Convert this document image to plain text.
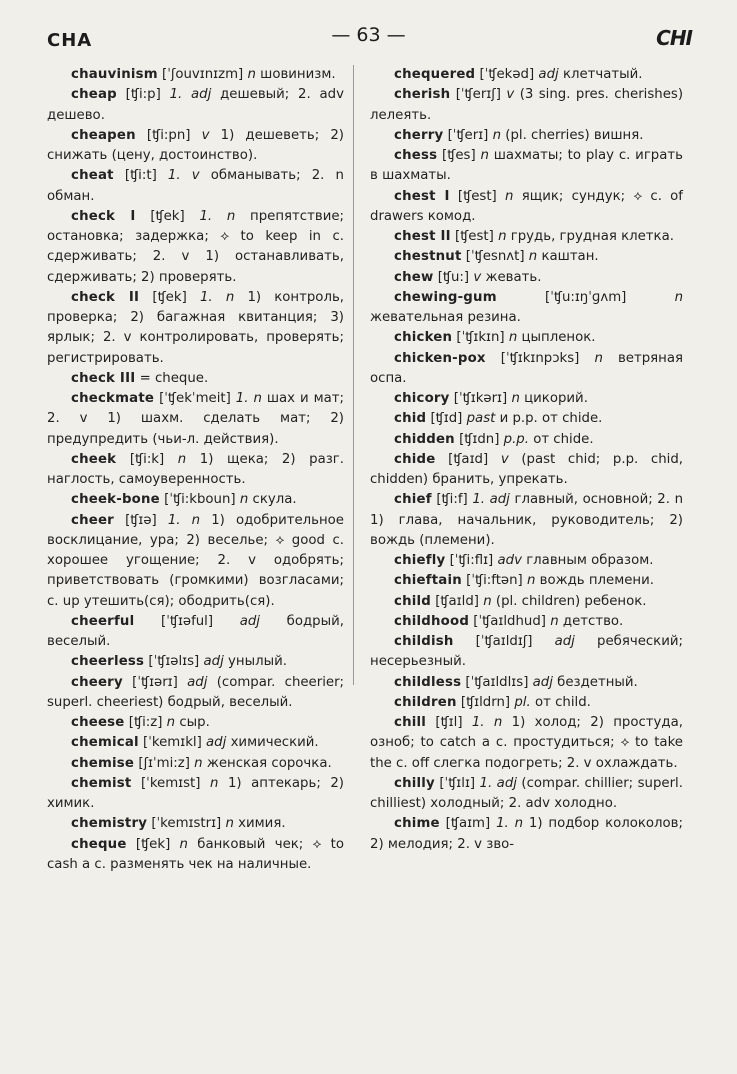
CHA	— 63 —	CHI

chauvinism [ ˈʃouvɪnɪzm ] n шовинизм.

cheap [ ʧi:p ] 1. adj дешевый; 2. adv дешево.

cheapen [ ʧi:pn ] v 1) дешеветь; 2) снижать (цену, достоинство).

cheat [ ʧi:t ] 1. v обманывать; 2. n обман.

check I [ ʧek ] 1. n препятствие; остановка; задержка; ⟡ to keep in c. сдерживать; 2. v 1) останавливать, сдерживать; 2) проверять.

check II [ ʧek ] 1. n 1) контроль, проверка; 2) багажная квитанция; 3) ярлык; 2. v контролировать, проверять; регистрировать.

check III = cheque.

checkmate [ ˈʧekˈmeit ] 1. n шах и мат; 2. v 1) шахм. сделать мат; 2) предупредить (чьи-л. действия).

cheek [ ʧi:k ] n 1) щека; 2) разг. наглость, самоуверенность.

cheek-bone [ ˈʧi:kboun ] n скула.

cheer [ ʧɪə ] 1. n 1) одобрительное восклицание, ура; 2) веселье; ⟡ good c. хорошее угощение; 2. v одобрять; приветствовать (громкими) возгласами; c. up утешить(ся); ободрить(ся).

cheerful [ ˈʧɪəful ] adj бодрый, веселый.

cheerless [ ˈʧɪəlɪs ] adj унылый.

cheery [ ˈʧɪərɪ ] adj (compar. cheerier; superl. cheeriest) бодрый, веселый.

cheese [ ʧi:z ] n сыр.

chemical [ ˈkemɪkl ] adj химический.

chemise [ ʃɪˈmi:z ] n женская сорочка.

chemist [ ˈkemɪst ] n 1) аптекарь; 2) химик.

chemistry [ ˈkemɪstrɪ ] n химия.

cheque [ ʧek ] n банковый чек; ⟡ to cash a c. разменять чек на наличные.

chequered [ ˈʧekəd ] adj клетчатый.

cherish [ ˈʧerɪʃ ] v (3 sing. pres. cherishes) лелеять.

cherry [ ˈʧerɪ ] n (pl. cherries) вишня.

chess [ ʧes ] n шахматы; to play c. играть в шахматы.

chest I [ ʧest ] n ящик; сундук; ⟡ c. of drawers комод.

chest II [ ʧest ] n грудь, грудная клетка.

chestnut [ ˈʧesnʌt ] n каштан.

chew [ ʧu: ] v жевать.

chewing-gum	[ ˈʧu:ɪŋˈɡʌm ]	n жевательная резина.

chicken [ ˈʧɪkɪn ] n цыпленок.

chicken-pox [ ˈʧɪkɪnpɔks ] n ветряная оспа.

chicory [ ˈʧɪkərɪ ] n цикорий.

chid [ ʧɪd ] past и p.p. от chide.

chidden [ ʧɪdn ] p.p. от chide.

chide [ ʧaɪd ] v (past chid; p.p. chid, chidden) бранить, упрекать.

chief [ ʧi:f ] 1. adj главный, основной; 2. n 1) глава, начальник, руководитель; 2) вождь (племени).

chiefly [ ˈʧi:flɪ ] adv главным образом.

chieftain [ ˈʧi:ftən ] n вождь племени.

child [ ʧaɪld ] n (pl. children) ребенок.

childhood [ ˈʧaɪldhud ] n детство.

childish [ ˈʧaɪldɪʃ ] adj ребяческий; несерьезный.

childless [ ˈʧaɪldlɪs ] adj бездетный.

children [ ʧɪldrn ] pl. от child.

chill [ ʧɪl ] 1. n 1) холод; 2) простуда, озноб; to catch a c. простудиться; ⟡ to take the c. off слегка подогреть; 2. v охлаждать.

chilly [ ˈʧɪlɪ ] 1. adj (compar. chillier; superl. chilliest) холодный; 2. adv холодно.

chime [ ʧaɪm ] 1. n 1) подбор колоколов; 2) мелодия; 2. v зво-
